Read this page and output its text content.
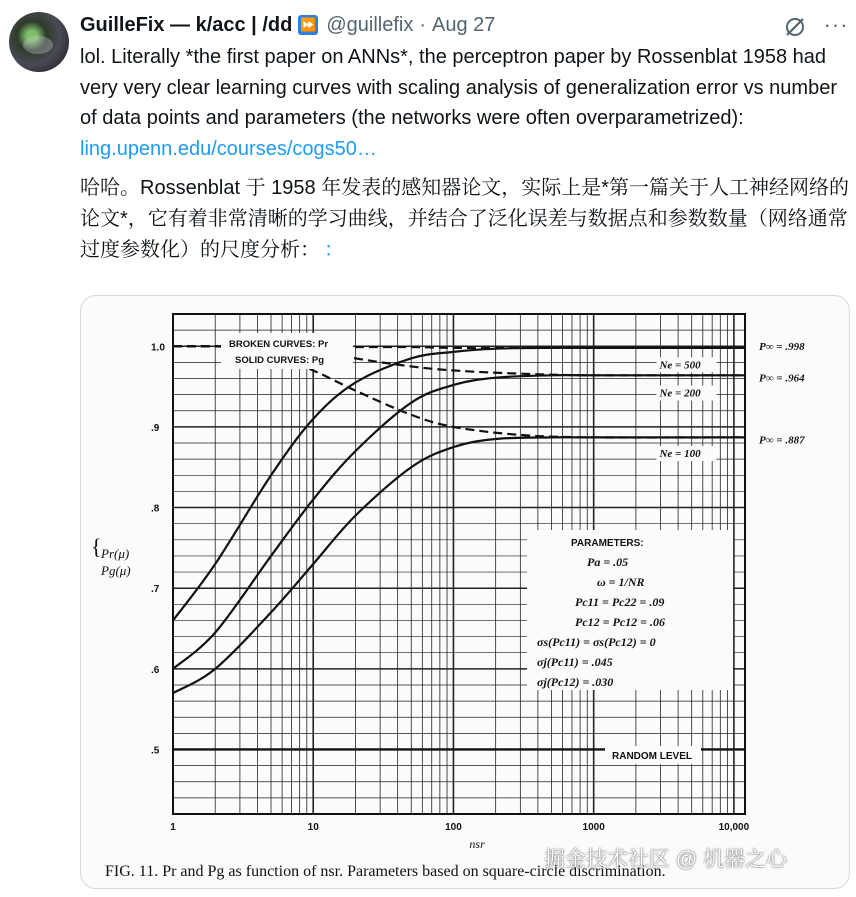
GuilleFix — k/acc | /dd ⏩ @guillefix · Aug 27	···
lol. Literally *the first paper on ANNs*, the perceptron paper by Rossenblat 1958 had very very clear learning curves with scaling analysis of generalization error vs number of data points and parameters (the networks were often overparametrized): ling.upenn.edu/courses/cogs50…
哈哈。Rossenblat 于 1958 年发表的感知器论文，实际上是*第一篇关于人工神经网络的论文*，它有着非常清晰的学习曲线，并结合了泛化误差与数据点和参数数量（网络通常过度参数化）的尺度分析： ：
1	10	100	1000	10,000
.5
.6
.7
.8
.9
1.0
nsr
P∞ = .998
P∞ = .964
P∞ = .887
Ne = 500
Ne = 200
Ne = 100
BROKEN CURVES: Pr
SOLID CURVES: Pg
{ Pr(μ)
Pg(μ)
PARAMETERS:
Pa = .05
ω = 1/NR
Pc11 = Pc22 = .09
Pc12 = Pc12 = .06
σs(Pc11) = σs(Pc12) = 0
σj(Pc11) = .045
σj(Pc12) = .030
RANDOM LEVEL
FIG. 11. Pr and Pg as function of nsr. Parameters based on square-circle discrimination.
掘金技术社区 @ 机器之心
